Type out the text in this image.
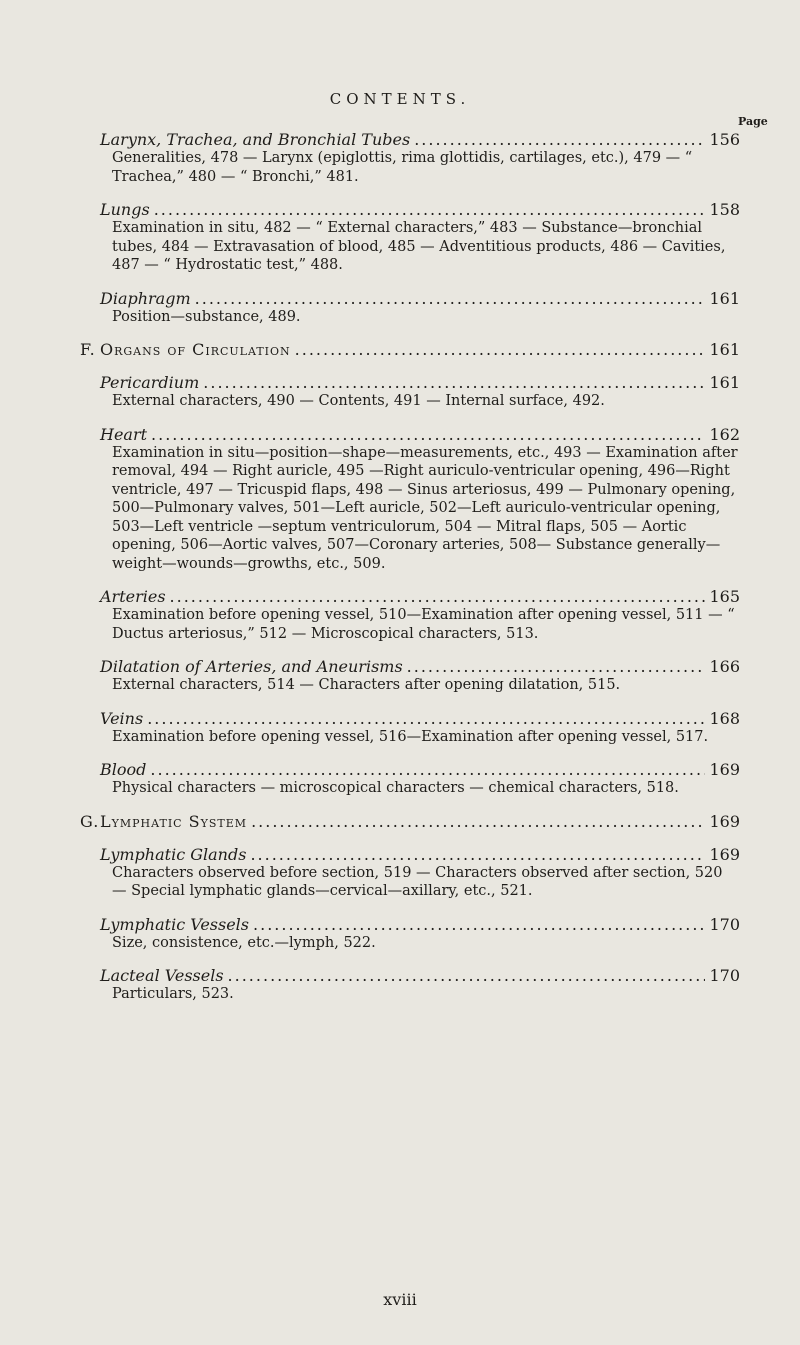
CONTENTS.
Page
Larynx, Trachea, and Bronchial Tubes .....	156
Generalities, 478 — Larynx (epiglottis, rima glottidis, cartilages, etc.), 479 — “ Trachea,” 480 — “ Bronchi,” 481.
Lungs .....	158
Examination in situ, 482 — “ External characters,” 483 — Substance—bronchial tubes, 484 — Extravasation of blood, 485 — Adventitious products, 486 — Cavities, 487 — “ Hydrostatic test,” 488.
Diaphragm .....	161
Position—substance, 489.
F. Organs of Circulation .....	161
Pericardium .....	161
External characters, 490 — Contents, 491 — Internal surface, 492.
Heart .....	162
Examination in situ—position—shape—measurements, etc., 493 — Examination after removal, 494 — Right auricle, 495 —Right auriculo-ventricular opening, 496—Right ventricle, 497 — Tricuspid flaps, 498 — Sinus arteriosus, 499 — Pulmonary opening, 500—Pulmonary valves, 501—Left auricle, 502—Left auriculo-ventricular opening, 503—Left ventricle —septum ventriculorum, 504 — Mitral flaps, 505 — Aortic opening, 506—Aortic valves, 507—Coronary arteries, 508— Substance generally—weight—wounds—growths, etc., 509.
Arteries .....	165
Examination before opening vessel, 510—Examination after opening vessel, 511 — “ Ductus arteriosus,” 512 — Microscopical characters, 513.
Dilatation of Arteries, and Aneurisms .....	166
External characters, 514 — Characters after opening dilatation, 515.
Veins .....	168
Examination before opening vessel, 516—Examination after opening vessel, 517.
Blood .....	169
Physical characters — microscopical characters — chemical characters, 518.
G.Lymphatic System .....	169
Lymphatic Glands .....	169
Characters observed before section, 519 — Characters observed after section, 520 — Special lymphatic glands—cervical—axillary, etc., 521.
Lymphatic Vessels .....	170
Size, consistence, etc.—lymph, 522.
Lacteal Vessels .....	170
Particulars, 523.
xviii
